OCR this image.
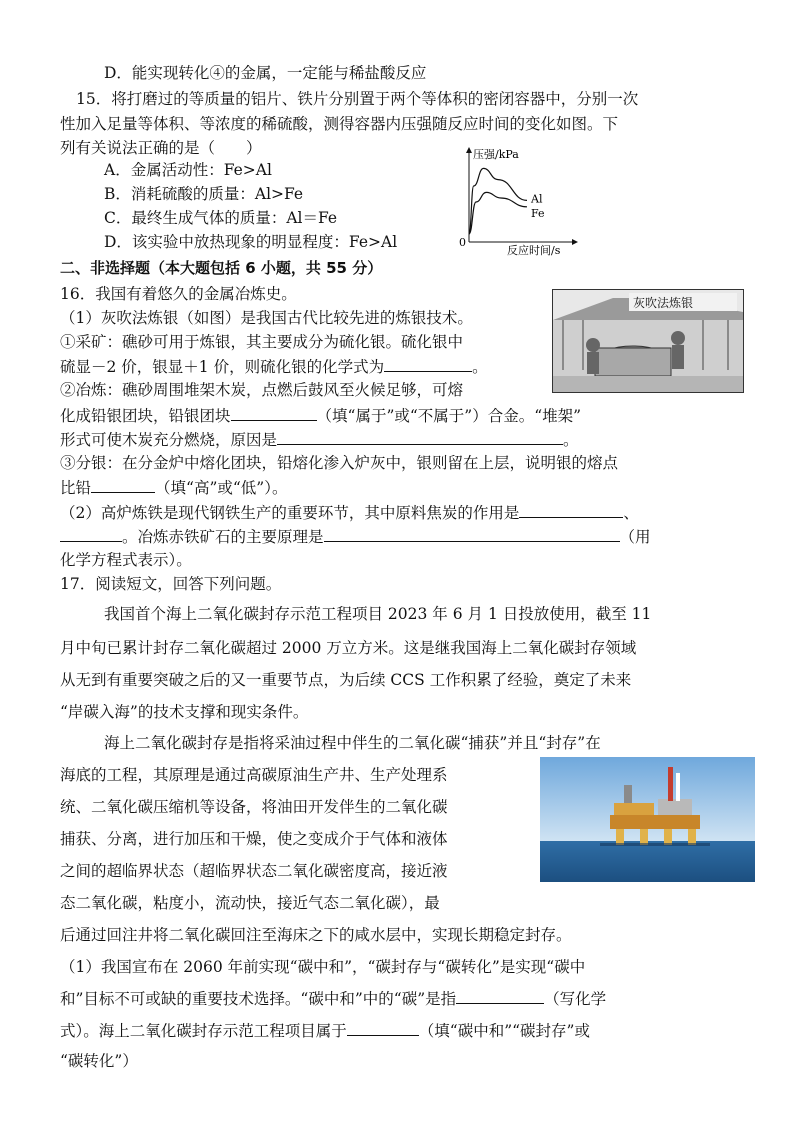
D．能实现转化④的金属，一定能与稀盐酸反应
15．将打磨过的等质量的铝片、铁片分别置于两个等体积的密闭容器中，分别一次
性加入足量等体积、等浓度的稀硫酸，测得容器内压强随反应时间的变化如图。下
列有关说法正确的是（　　）
A．金属活动性：Fe>Al
B．消耗硫酸的质量：Al>Fe
C．最终生成气体的质量：Al＝Fe
D．该实验中放热现象的明显程度：Fe>Al
压强/kPa
反应时间/s
0
Al
Fe
二、非选择题（本大题包括 6 小题，共 55 分）
16．我国有着悠久的金属冶炼史。	灰吹法炼银
（1）灰吹法炼银（如图）是我国古代比较先进的炼银技术。
①采矿：礁砂可用于炼银，其主要成分为硫化银。硫化银中
硫显－2 价，银显＋1 价，则硫化银的化学式为	。
②冶炼：礁砂周围堆架木炭，点燃后鼓风至火候足够，可熔
化成铅银团块，铅银团块	（填“属于”或“不属于”）合金。“堆架”
形式可使木炭充分燃烧，原因是	。
③分银：在分金炉中熔化团块，铅熔化渗入炉灰中，银则留在上层，说明银的熔点
比铅	（填“高”或“低”）。
（2）高炉炼铁是现代钢铁生产的重要环节，其中原料焦炭的作用是	、
。冶炼赤铁矿石的主要原理是	（用
化学方程式表示）。
17．阅读短文，回答下列问题。
我国首个海上二氧化碳封存示范工程项目 2023 年 6 月 1 日投放使用，截至 11
月中旬已累计封存二氧化碳超过 2000 万立方米。这是继我国海上二氧化碳封存领域
从无到有重要突破之后的又一重要节点，为后续 CCS 工作积累了经验，奠定了未来
“岸碳入海”的技术支撑和现实条件。
海上二氧化碳封存是指将采油过程中伴生的二氧化碳“捕获”并且“封存”在
海底的工程，其原理是通过高碳原油生产井、生产处理系
统、二氧化碳压缩机等设备，将油田开发伴生的二氧化碳
捕获、分离，进行加压和干燥，使之变成介于气体和液体
之间的超临界状态（超临界状态二氧化碳密度高，接近液
态二氧化碳，粘度小，流动快，接近气态二氧化碳），最
后通过回注井将二氧化碳回注至海床之下的咸水层中，实现长期稳定封存。
（1）我国宣布在 2060 年前实现“碳中和”，“碳封存与“碳转化”是实现“碳中
和”目标不可或缺的重要技术选择。“碳中和”中的“碳”是指	（写化学
式）。海上二氧化碳封存示范工程项目属于	（填“碳中和”“碳封存”或
“碳转化”）
